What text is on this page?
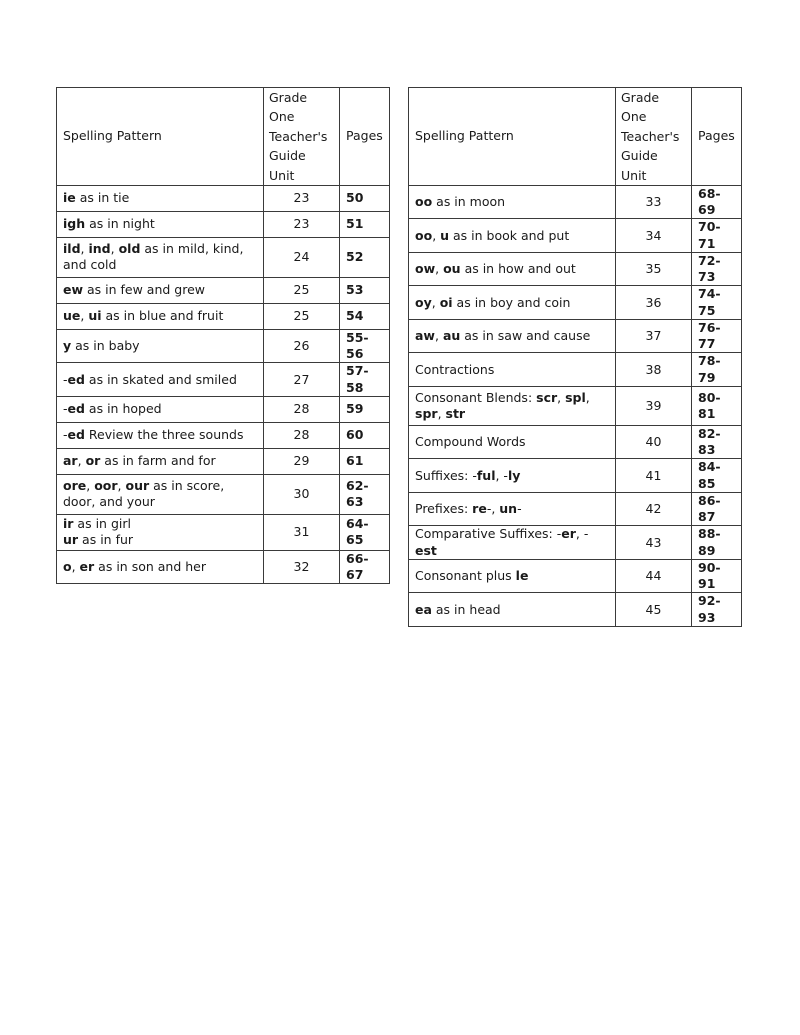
Spelling Pattern	Grade One
Teacher's
Guide Unit	Pages
ie as in tie	23	50
igh as in night	23	51
ild, ind, old as in mild, kind, and cold	24	52
ew as in few and grew	25	53
ue, ui as in blue and fruit	25	54
y as in baby	26	55-56
-ed as in skated and smiled	27	57-58
-ed as in hoped	28	59
-ed Review the three sounds	28	60
ar, or as in farm and for	29	61
ore, oor, our as in score, door, and your	30	62-63
ir as in girl
ur as in fur	31	64-65
o, er as in son and her	32	66-67
Spelling Pattern	Grade One
Teacher's
Guide Unit	Pages
oo as in moon	33	68-69
oo, u as in book and put	34	70-71
ow, ou as in how and out	35	72-73
oy, oi as in boy and coin	36	74-75
aw, au as in saw and cause	37	76-77
Contractions	38	78-79
Consonant Blends: scr, spl, spr, str	39	80-81
Compound Words	40	82-83
Suffixes: -ful, -ly	41	84-85
Prefixes: re-, un-	42	86-87
Comparative Suffixes: -er, -est	43	88-89
Consonant plus le	44	90-91
ea as in head	45	92-93
